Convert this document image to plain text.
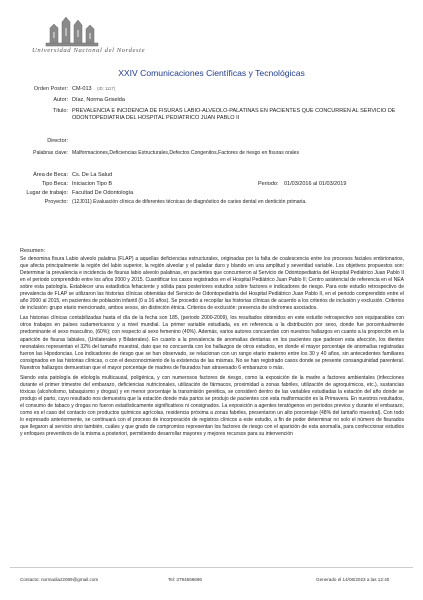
Universidad Nacional del Nordeste
XXIV Comunicaciones Científicas y Tecnológicas
Orden Poster: CM-013 (ID: 1117)
Autor: Díaz, Norma Griselda
Título: PREVALENCIA E INCIDENCIA DE FISURAS LABIO-ALVEOLO-PALATINAS EN PACIENTES QUE CONCURREN AL SERVICIO DE ODONTOPEDIATRIA DEL HOSPITAL PEDIATRICO JUAN PABLO II
Director:
Palabras clave: Malformaciones,Deficiencias Estructurales,Defectos Congenitos,Factores de riesgo en fisuras orales
Área de Beca: Cs. De La Salud
Tipo Beca: Iniciacion Tipo B	Periodo:	01/03/2016 al 01/03/2019
Lugar de trabajo: Facultad De Odontología
Proyecto: (12J011) Evaluación clínica de diferentes técnicas de diagnóstico de caries dental en dentición primaria.
Resumen:

Se denomina fisura Labio alveolo palatina (FLAP) a aquellas deficiencias estructurales, originadas por la falta de coalescencia entre los procesos faciales embrionarios, que afecta principalmente la región del labio superior, la región alveolar y el paladar duro y blando en una amplitud y severidad variable. Los objetivos propuestos son: Determinar la prevalencia e incidencia de fisuras labio alveolo palatinas, en pacientes que concurrieron al Servicio de Odontopediatría del Hospital Pediátrico Juan Pablo II en el periodo comprendido entre los años 2000 y 2015. Cuantificar los casos registrados en el Hospital Pediátrico Juan Pablo II; Centro asistencial de referencia en el NEA sobre esta patología. Establecer una estadística fehaciente y sólida para posteriores estudios sobre factores e indicadores de riesgo. Para este estudio retrospectivo de prevalencia de FLAP se utilizaron las historias clínicas obtenidas del Servicio de Odontopediatría del Hospital Pediátrico Juan Pablo II, en el periodo comprendido entre el año 2000 al 2015, en pacientes de población infantil (0 a 16 años). Se procedió a recopilar las historias clínicas de acuerdo a los criterios de inclusión y exclusión. Criterios de inclusión: grupo etario mencionado, ambos sexos, sin distinción étnica. Criterios de exclusión: presencia de síndromes asociados.

Las historias clínicas contabilizadas hasta el día de la fecha son 185, (periodo 2000-2009), los resultados obtenidos en este estudio retrospectivo son equiparables con otros trabajos en países sudamericanos y a nivel mundial. La primer variable estudiada, es en referencia a la distribución por sexo, donde fue porcentualmente predominante el sexo masculino, (60%); con respecto al sexo femenino (40%). Además, varios autores concuerdan con nuestros hallazgos en cuanto a la proporción en la aparición de fisuras labiales, (Unilaterales y Bilaterales). En cuanto a la prevalencia de anomalías dentarias en los pacientes que padecen esta afección, los dientes neonatales representan el 32% del tamaño muestral, dato que no concuerda con los hallazgos de otros estudios, en donde el mayor porcentaje de anomalías registradas fueron las Hipodoncias. Los indicadores de riesgo que se han observado, se relacionan con un rango etario materno entre los 30 y 40 años, sin antecedentes familiares consignados en las historias clínicas, o con el desconocimiento de la existencia de las mismas. No se han registrado casos donde se presente consanguinidad parenteral. Nuestros hallazgos demuestran que el mayor porcentaje de madres de fisurados han atravesado 6 embarazos o más.

Siendo esta patología de etiología multicausal, poligénica, y con numerosos factores de riesgo, como la exposición de la madre a factores ambientales (infecciones durante el primer trimestre del embarazo, deficiencias nutricionales, utilización de fármacos, proximidad a zonas fabriles, utilización de agroquímicos, etc.), sustancias tóxicas (alcoholismo, tabaquismo y drogas) y en menor porcentaje la transmisión genética, se consideró dentro de las variables estudiadas la estación del año donde se produjo el parto, cuyo resultado nos demuestra que la estación donde más partos se produjo de pacientes con esta malformación es la Primavera. En nuestros resultados, el consumo de tabaco y drogas no fueron estadísticamente significativos ni consignados. La exposición a agentes teratógenos en periodos previos y durante el embarazo, como es el caso del contacto con productos químicos agrícolas, residencia próxima a zonas fabriles, presentaron un alto porcentaje (48% del tamaño muestral). Con todo lo expresado anteriormente, se continuará con el proceso de incorporación de registros clínicos a este estudio, a fin de poder determinar no solo el número de fisurados que llegaron al servicio sino también, cuáles y que grado de compromiso representan los factores de riesgo con el aparición de esta anomalía, para confeccionar estudios y enfoques preventivos de la misma a posteriori, permitiendo desarrollar mayores y mejores recursos para su intervención

Contacto: normadiaz2069@gmail.com	Tel: 3794566696	Generado el 14/06/2023 a las 12:40
